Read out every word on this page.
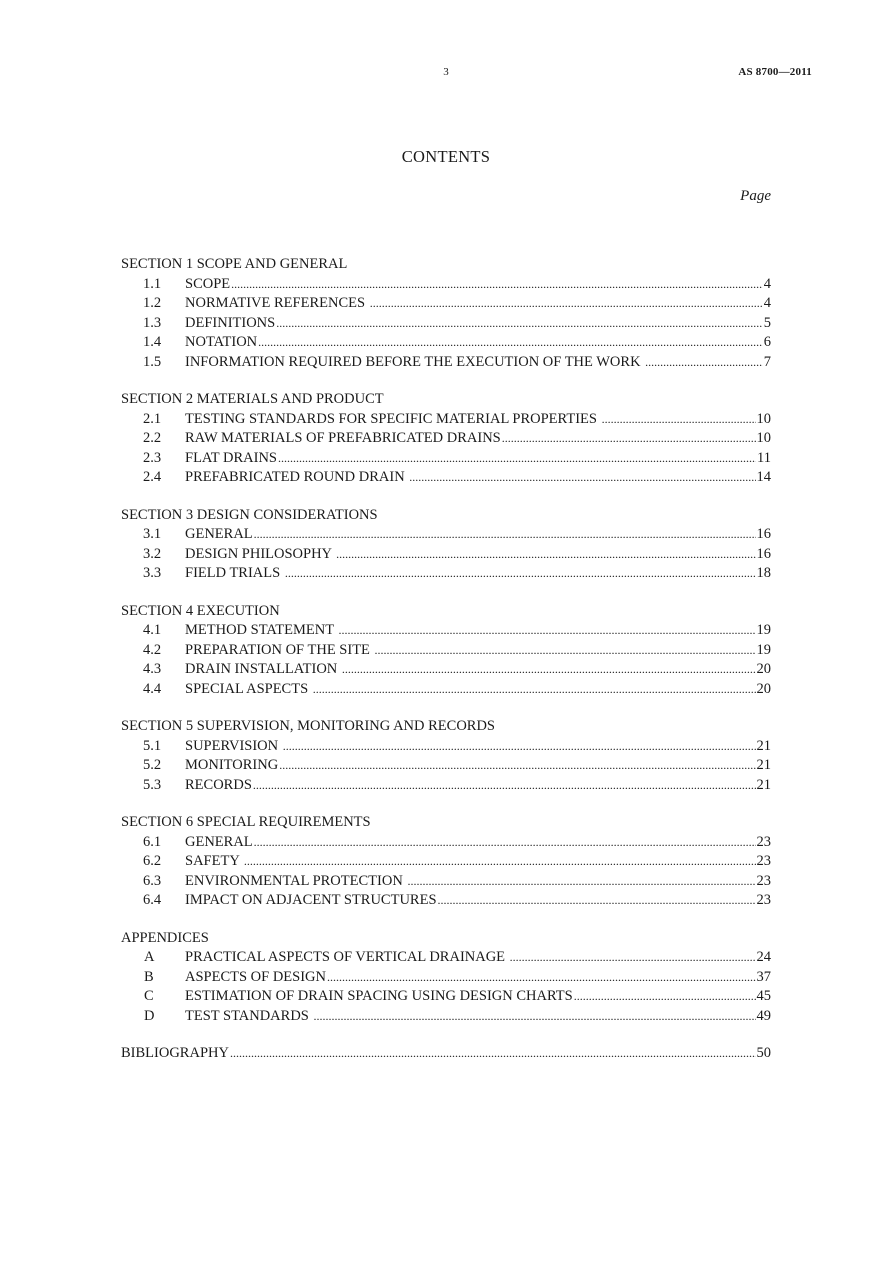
3	AS 8700—2011
CONTENTS
Page
SECTION 1 SCOPE AND GENERAL
1.1	SCOPE .....	4
1.2	NORMATIVE REFERENCES .....	4
1.3	DEFINITIONS .....	5
1.4	NOTATION .....	6
1.5	INFORMATION REQUIRED BEFORE THE EXECUTION OF THE WORK .....	7
SECTION 2 MATERIALS AND PRODUCT
2.1	TESTING STANDARDS FOR SPECIFIC MATERIAL PROPERTIES .....	10
2.2	RAW MATERIALS OF PREFABRICATED DRAINS .....	10
2.3	FLAT DRAINS .....	11
2.4	PREFABRICATED ROUND DRAIN .....	14
SECTION 3 DESIGN CONSIDERATIONS
3.1	GENERAL .....	16
3.2	DESIGN PHILOSOPHY .....	16
3.3	FIELD TRIALS .....	18
SECTION 4 EXECUTION
4.1	METHOD STATEMENT .....	19
4.2	PREPARATION OF THE SITE .....	19
4.3	DRAIN INSTALLATION .....	20
4.4	SPECIAL ASPECTS .....	20
SECTION 5 SUPERVISION, MONITORING AND RECORDS
5.1	SUPERVISION .....	21
5.2	MONITORING .....	21
5.3	RECORDS .....	21
SECTION 6 SPECIAL REQUIREMENTS
6.1	GENERAL .....	23
6.2	SAFETY .....	23
6.3	ENVIRONMENTAL PROTECTION .....	23
6.4	IMPACT ON ADJACENT STRUCTURES .....	23
APPENDICES
A	PRACTICAL ASPECTS OF VERTICAL DRAINAGE .....	24
B	ASPECTS OF DESIGN .....	37
C	ESTIMATION OF DRAIN SPACING USING DESIGN CHARTS .....	45
D	TEST STANDARDS .....	49
BIBLIOGRAPHY .....	50
